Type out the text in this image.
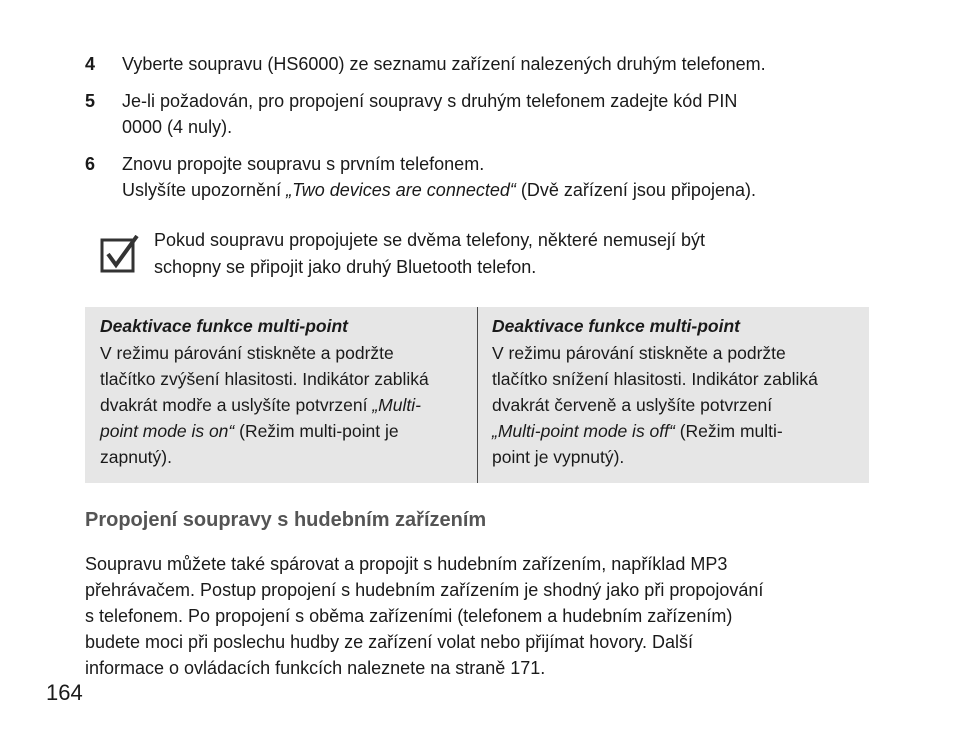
4	Vyberte soupravu (HS6000) ze seznamu zařízení nalezených druhým telefonem.
5	Je-li požadován, pro propojení soupravy s druhým telefonem zadejte kód PIN
0000 (4 nuly).
6	Znovu propojte soupravu s prvním telefonem.
Uslyšíte upozornění „Two devices are connected“ (Dvě zařízení jsou připojena).
Pokud soupravu propojujete se dvěma telefony, některé nemusejí být
schopny se připojit jako druhý Bluetooth telefon.
Deaktivace funkce multi-point
V režimu párování stiskněte a podržte
tlačítko zvýšení hlasitosti. Indikátor zabliká
dvakrát modře a uslyšíte potvrzení „Multi-
point mode is on“ (Režim multi-point je
zapnutý).
Deaktivace funkce multi-point
V režimu párování stiskněte a podržte
tlačítko snížení hlasitosti. Indikátor zabliká
dvakrát červeně a uslyšíte potvrzení
„Multi-point mode is off“ (Režim multi-
point je vypnutý).
Propojení soupravy s hudebním zařízením
Soupravu můžete také spárovat a propojit s hudebním zařízením, například MP3
přehrávačem. Postup propojení s hudebním zařízením je shodný jako při propojování
s telefonem. Po propojení s oběma zařízeními (telefonem a hudebním zařízením)
budete moci při poslechu hudby ze zařízení volat nebo přijímat hovory. Další
informace o ovládacích funkcích naleznete na straně 171.
164
